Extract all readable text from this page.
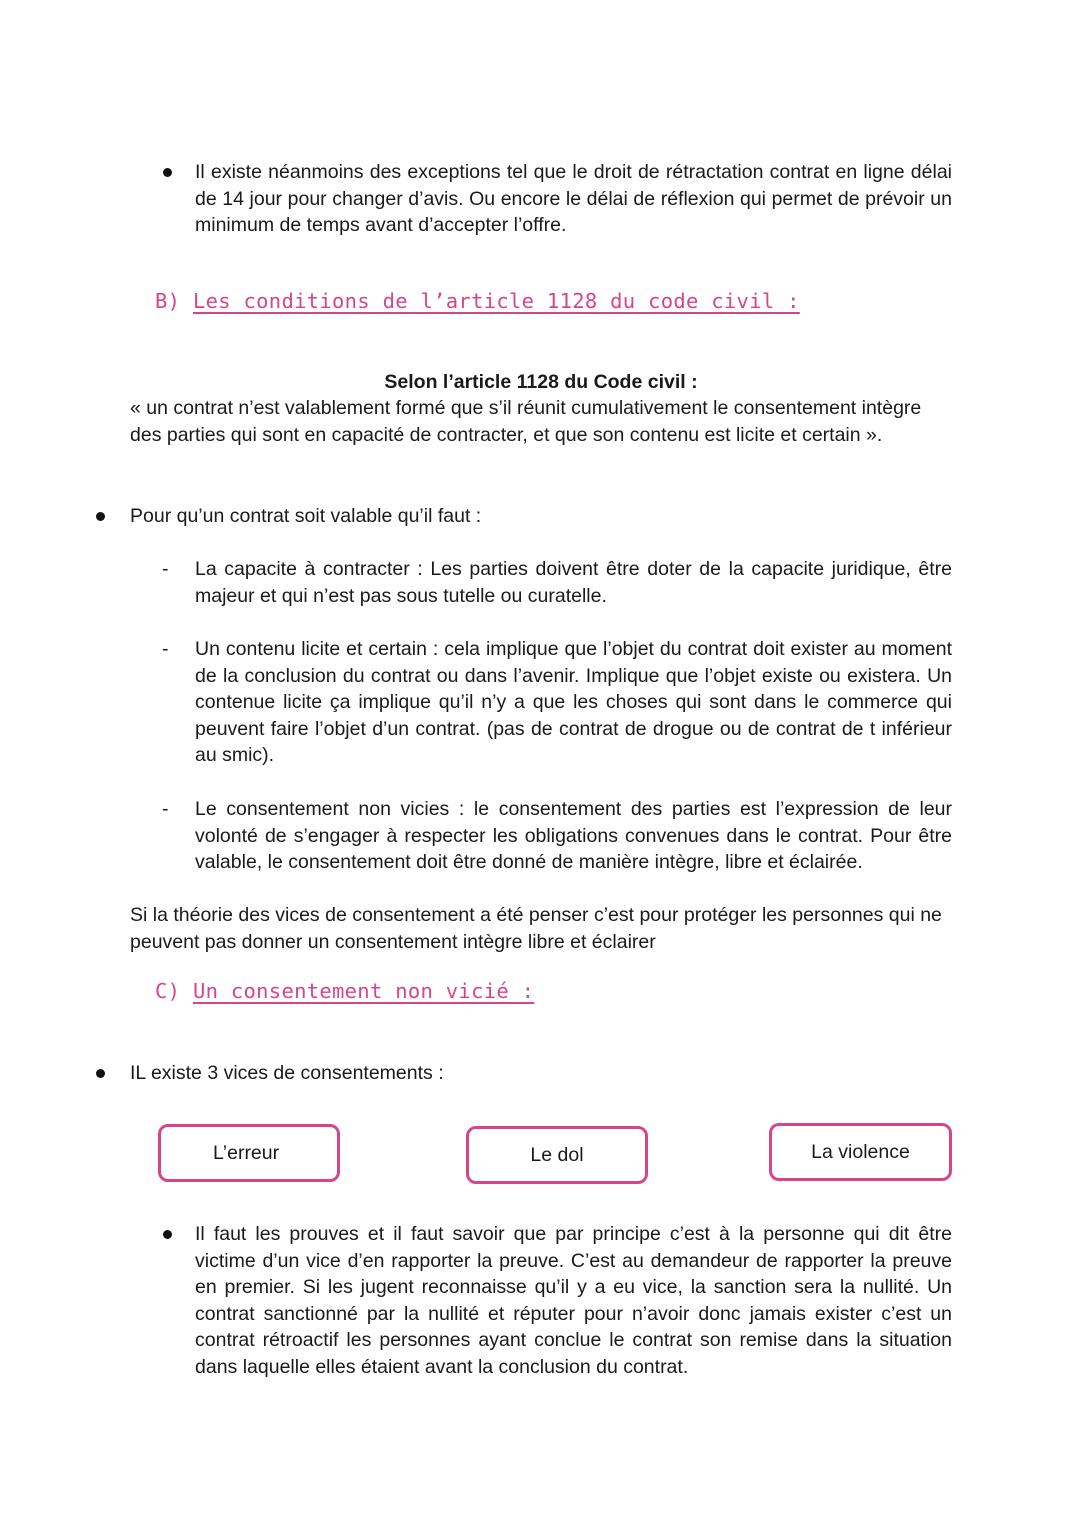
Il existe néanmoins des exceptions tel que le droit de rétractation contrat en ligne délai de 14 jour pour changer d’avis. Ou encore le délai de réflexion qui permet de prévoir un minimum de temps avant d’accepter l’offre.
B) Les conditions de l’article 1128 du code civil :
Selon l’article 1128 du Code civil :
« un contrat n’est valablement formé que s’il réunit cumulativement le consentement intègre des parties qui sont en capacité de contracter, et que son contenu est licite et certain ».
Pour qu’un contrat soit valable qu’il faut :
- La capacite à contracter : Les parties doivent être doter de la capacite juridique, être majeur et qui n’est pas sous tutelle ou curatelle.
- Un contenu licite et certain : cela implique que l’objet du contrat doit exister au moment de la conclusion du contrat ou dans l’avenir. Implique que l’objet existe ou existera. Un contenue licite ça implique qu’il n’y a que les choses qui sont dans le commerce qui peuvent faire l’objet d’un contrat. (pas de contrat de drogue ou de contrat de t inférieur au smic).
- Le consentement non vicies : le consentement des parties est l’expression de leur volonté de s’engager à respecter les obligations convenues dans le contrat. Pour être valable, le consentement doit être donné de manière intègre, libre et éclairée.
Si la théorie des vices de consentement a été penser c’est pour protéger les personnes qui ne peuvent pas donner un consentement intègre libre et éclairer
C) Un consentement non vicié :
IL existe 3 vices de consentements :
L’erreur	Le dol	La violence
Il faut les prouves et il faut savoir que par principe c’est à la personne qui dit être victime d’un vice d’en rapporter la preuve. C’est au demandeur de rapporter la preuve en premier. Si les jugent reconnaisse qu’il y a eu vice, la sanction sera la nullité. Un contrat sanctionné par la nullité et réputer pour n’avoir donc jamais exister c’est un contrat rétroactif les personnes ayant conclue le contrat son remise dans la situation dans laquelle elles étaient avant la conclusion du contrat.
